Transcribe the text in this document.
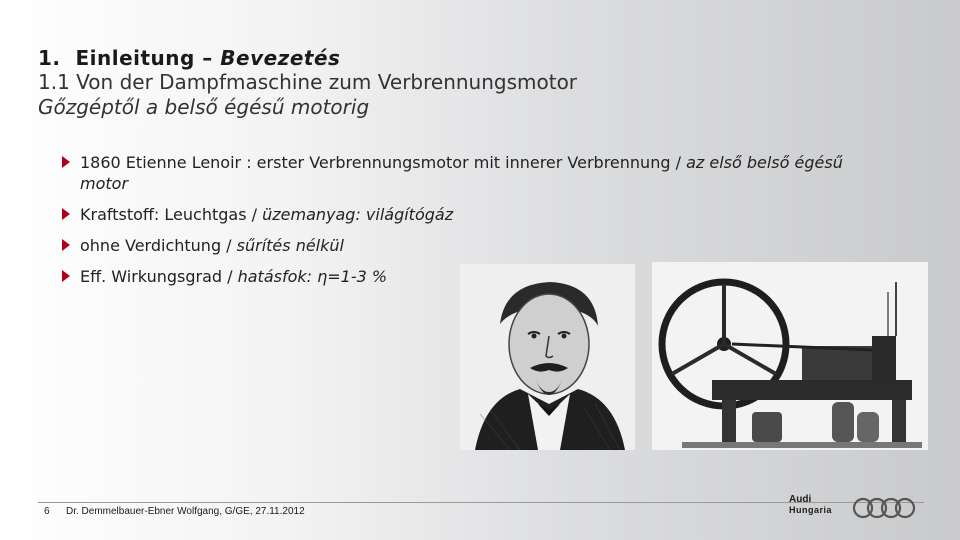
1. Einleitung – Bevezetés
1.1 Von der Dampfmaschine zum Verbrennungsmotor
Gőzgéptől a belső égésű motorig
1860 Etienne Lenoir : erster Verbrennungsmotor mit innerer Verbrennung / az első belső égésű motor
Kraftstoff: Leuchtgas / üzemanyag: világítógáz
ohne Verdichtung / sűrítés nélkül
Eff. Wirkungsgrad / hatásfok: η=1-3 %
6 Dr. Demmelbauer-Ebner Wolfgang, G/GE, 27.11.2012
Audi
Hungaria
